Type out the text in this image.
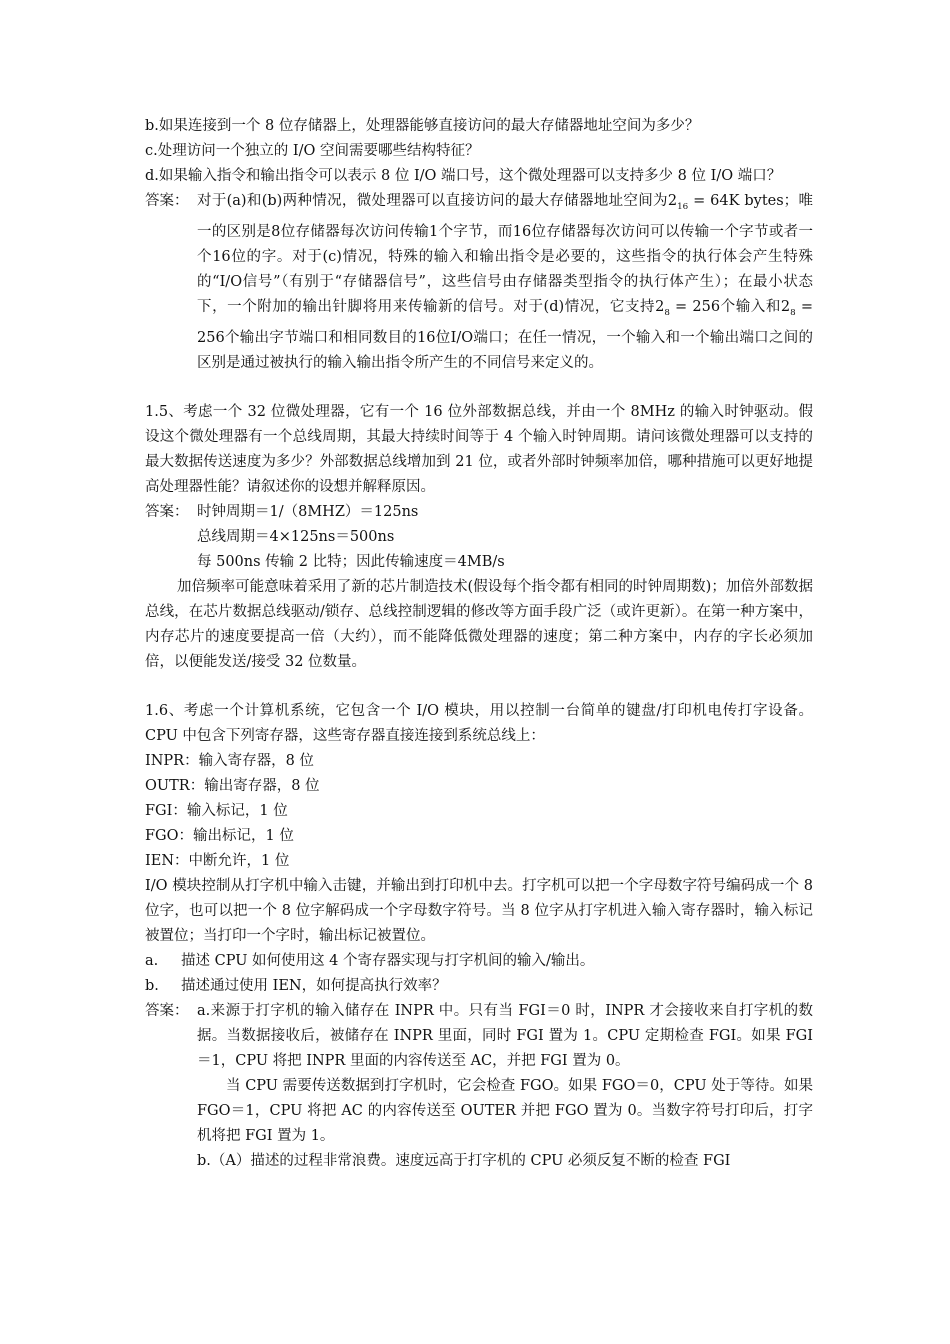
b.如果连接到一个 8 位存储器上，处理器能够直接访问的最大存储器地址空间为多少？

c.处理访问一个独立的 I/O 空间需要哪些结构特征？

d.如果输入指令和输出指令可以表示 8 位 I/O 端口号，这个微处理器可以支持多少 8 位 I/O 端口？

答案： 对于(a)和(b)两种情况，微处理器可以直接访问的最大存储器地址空间为$2_{16} = 64K$ bytes；唯一的区别是8位存储器每次访问传输1个字节，而16位存储器每次访问可以传输一个字节或者一个16位的字。对于(c)情况，特殊的输入和输出指令是必要的，这些指令的执行体会产生特殊的“I/O信号”（有别于“存储器信号”，这些信号由存储器类型指令的执行体产生）；在最小状态下，一个附加的输出针脚将用来传输新的信号。对于(d)情况，它支持$2_8 = 256$个输入和$2_8 = 256$个输出字节端口和相同数目的16位I/O端口；在任一情况，一个输入和一个输出端口之间的区别是通过被执行的输入输出指令所产生的不同信号来定义的。

1.5、考虑一个 32 位微处理器，它有一个 16 位外部数据总线，并由一个 8MHz 的输入时钟驱动。假设这个微处理器有一个总线周期，其最大持续时间等于 4 个输入时钟周期。请问该微处理器可以支持的最大数据传送速度为多少？外部数据总线增加到 21 位，或者外部时钟频率加倍，哪种措施可以更好地提高处理器性能？请叙述你的设想并解释原因。

答案： 时钟周期＝1/（8MHZ）＝125ns

总线周期＝4×125ns＝500ns

每 500ns 传输 2 比特；因此传输速度＝4MB/s

加倍频率可能意味着采用了新的芯片制造技术(假设每个指令都有相同的时钟周期数)；加倍外部数据总线，在芯片数据总线驱动/锁存、总线控制逻辑的修改等方面手段广泛（或许更新）。在第一种方案中，内存芯片的速度要提高一倍（大约），而不能降低微处理器的速度；第二种方案中，内存的字长必须加倍，以便能发送/接受 32 位数量。

1.6、考虑一个计算机系统，它包含一个 I/O 模块，用以控制一台简单的键盘/打印机电传打字设备。CPU 中包含下列寄存器，这些寄存器直接连接到系统总线上：

INPR：输入寄存器，8 位

OUTR：输出寄存器，8 位

FGI：输入标记，1 位

FGO：输出标记，1 位

IEN：中断允许，1 位

I/O 模块控制从打字机中输入击键，并输出到打印机中去。打字机可以把一个字母数字符号编码成一个 8 位字，也可以把一个 8 位字解码成一个字母数字符号。当 8 位字从打字机进入输入寄存器时，输入标记被置位；当打印一个字时，输出标记被置位。

a.	描述 CPU 如何使用这 4 个寄存器实现与打字机间的输入/输出。
b.	描述通过使用 IEN，如何提高执行效率？
答案： a.来源于打字机的输入储存在 INPR 中。只有当 FGI＝0 时，INPR 才会接收来自打字机的数据。当数据接收后，被储存在 INPR 里面，同时 FGI 置为 1。CPU 定期检查 FGI。如果 FGI＝1，CPU 将把 INPR 里面的内容传送至 AC，并把 FGI 置为 0。

当 CPU 需要传送数据到打字机时，它会检查 FGO。如果 FGO＝0，CPU 处于等待。如果 FGO＝1，CPU 将把 AC 的内容传送至 OUTER 并把 FGO 置为 0。当数字符号打印后，打字机将把 FGI 置为 1。

b.（A）描述的过程非常浪费。速度远高于打字机的 CPU 必须反复不断的检查 FGI
